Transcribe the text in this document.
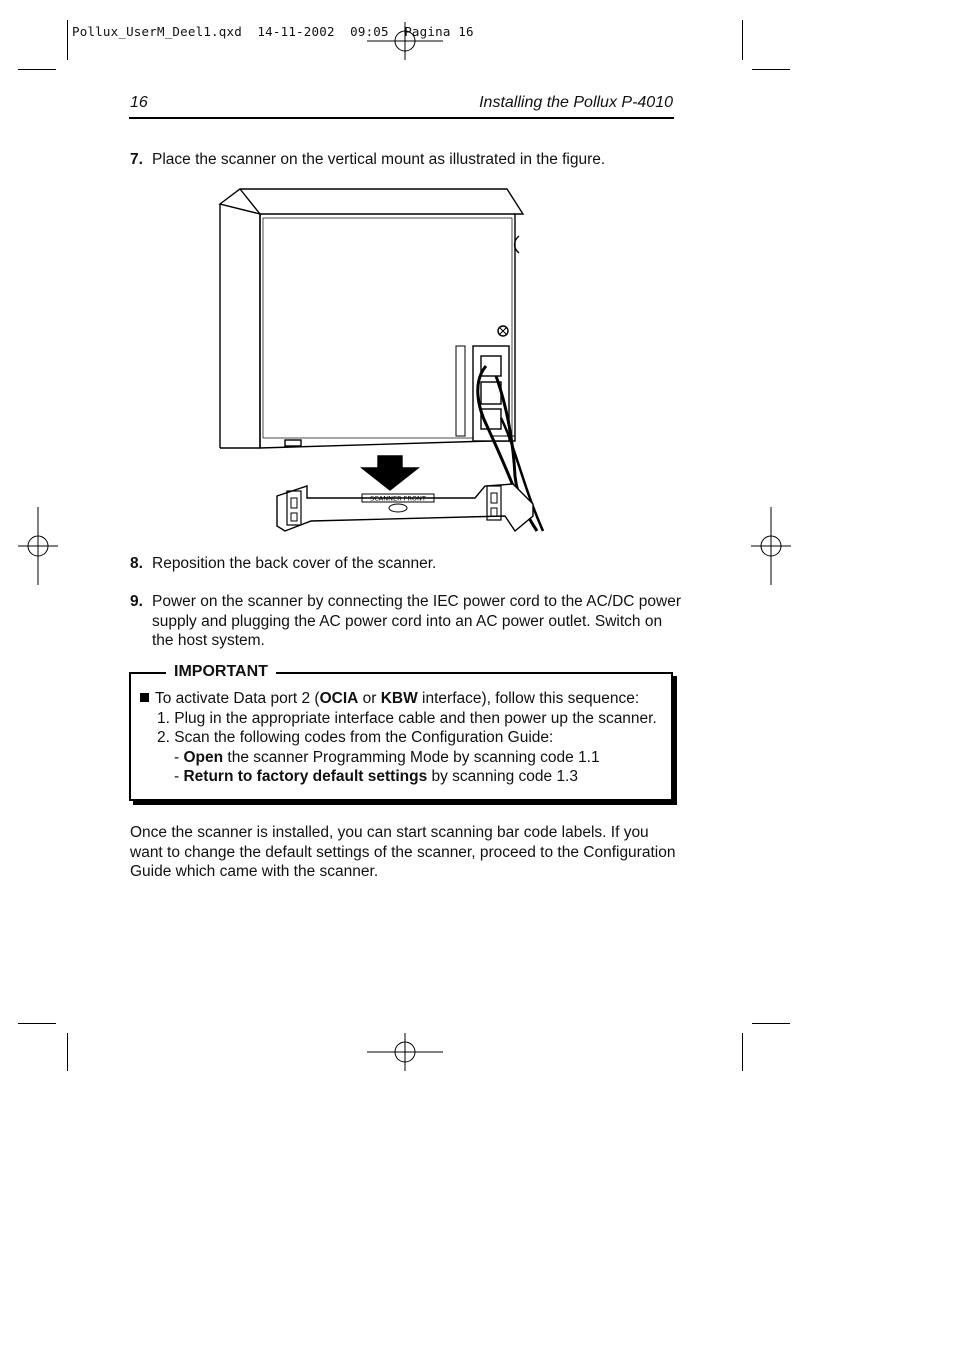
Pollux_UserM_Deel1.qxd  14-11-2002  09:05  Pagina 16
16	Installing the Pollux P-4010
7. Place the scanner on the vertical mount as illustrated in the figure.
SCANNER FRONT
8. Reposition the back cover of the scanner.
9. Power on the scanner by connecting the IEC power cord to the AC/DC power
supply and plugging the AC power cord into an AC power outlet. Switch on
the host system.
IMPORTANT
To activate Data port 2 (OCIA or KBW interface), follow this sequence:
1. Plug in the appropriate interface cable and then power up the scanner.
2. Scan the following codes from the Configuration Guide:
- Open the scanner Programming Mode by scanning code 1.1
- Return to factory default settings by scanning code 1.3
Once the scanner is installed, you can start scanning bar code labels. If you
want to change the default settings of the scanner, proceed to the Configuration
Guide which came with the scanner.
